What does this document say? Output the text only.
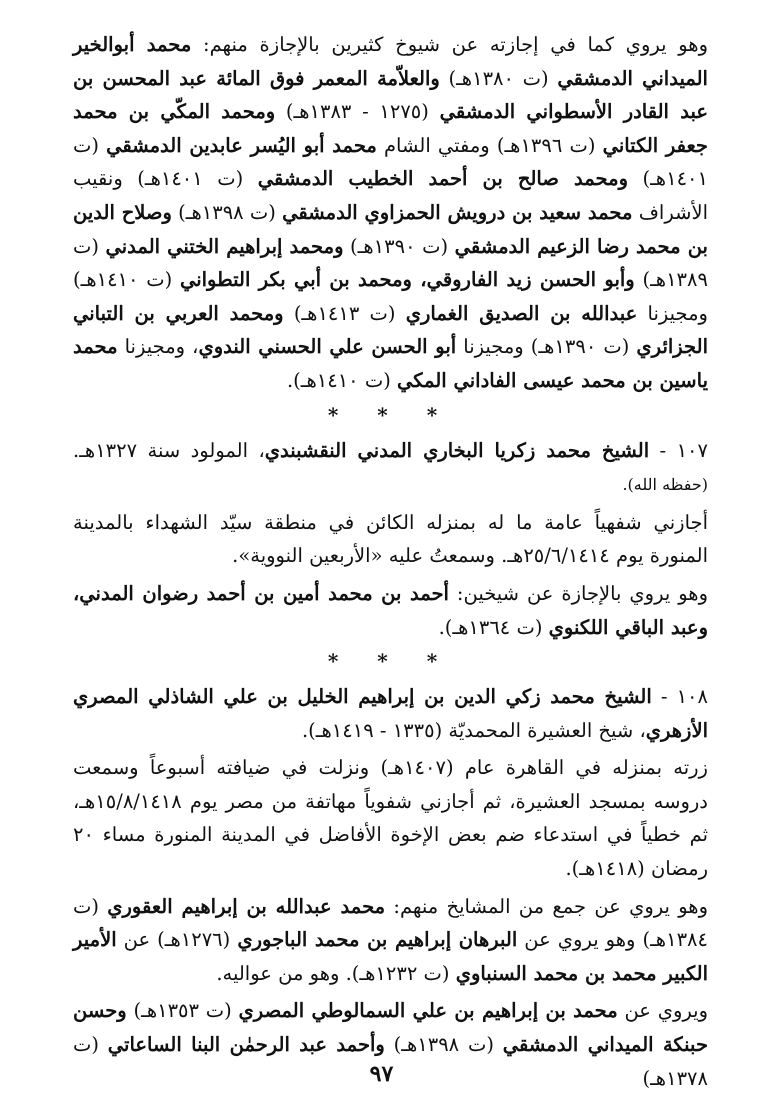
وهو يروي كما في إجازته عن شيوخ كثيرين بالإجازة منهم: محمد أبوالخير الميداني الدمشقي (ت ١٣٨٠هـ) والعلاّمة المعمر فوق المائة عبد المحسن بن عبد القادر الأسطواني الدمشقي (١٢٧٥ - ١٣٨٣هـ) ومحمد المكّي بن محمد جعفر الكتاني (ت ١٣٩٦هـ) ومفتي الشام محمد أبو اليُسر عابدين الدمشقي (ت ١٤٠١هـ) ومحمد صالح بن أحمد الخطيب الدمشقي (ت ١٤٠١هـ) ونقيب الأشراف محمد سعيد بن درويش الحمزاوي الدمشقي (ت ١٣٩٨هـ) وصلاح الدين بن محمد رضا الزعيم الدمشقي (ت ١٣٩٠هـ) ومحمد إبراهيم الختني المدني (ت ١٣٨٩هـ) وأبو الحسن زيد الفاروقي، ومحمد بن أبي بكر التطواني (ت ١٤١٠هـ) ومجيزنا عبدالله بن الصديق الغماري (ت ١٤١٣هـ) ومحمد العربي بن التباني الجزائري (ت ١٣٩٠هـ) ومجيزنا أبو الحسن علي الحسني الندوي، ومجيزنا محمد ياسين بن محمد عيسى الفاداني المكي (ت ١٤١٠هـ).

* * *

١٠٧ - الشيخ محمد زكريا البخاري المدني النقشبندي، المولود سنة ١٣٢٧هـ. (حفظه الله).

أجازني شفهياً عامة ما له بمنزله الكائن في منطقة سيّد الشهداء بالمدينة المنورة يوم ٢٥/٦/١٤١٤هـ. وسمعتُ عليه «الأربعين النووية».

وهو يروي بالإجازة عن شيخين: أحمد بن محمد أمين بن أحمد رضوان المدني، وعبد الباقي اللكنوي (ت ١٣٦٤هـ).

* * *

١٠٨ - الشيخ محمد زكي الدين بن إبراهيم الخليل بن علي الشاذلي المصري الأزهري، شيخ العشيرة المحمديّة (١٣٣٥ - ١٤١٩هـ).

زرته بمنزله في القاهرة عام (١٤٠٧هـ) ونزلت في ضيافته أسبوعاً وسمعت دروسه بمسجد العشيرة، ثم أجازني شفوياً مهاتفة من مصر يوم ١٥/٨/١٤١٨هـ، ثم خطياً في استدعاء ضم بعض الإخوة الأفاضل في المدينة المنورة مساء ٢٠ رمضان (١٤١٨هـ).

وهو يروي عن جمع من المشايخ منهم: محمد عبدالله بن إبراهيم العقوري (ت ١٣٨٤هـ) وهو يروي عن البرهان إبراهيم بن محمد الباجوري (١٢٧٦هـ) عن الأمير الكبير محمد بن محمد السنباوي (ت ١٢٣٢هـ). وهو من عواليه.

ويروي عن محمد بن إبراهيم بن علي السمالوطي المصري (ت ١٣٥٣هـ) وحسن حبنكة الميداني الدمشقي (ت ١٣٩٨هـ) وأحمد عبد الرحمٰن البنا الساعاتي (ت ١٣٧٨هـ)

٩٧
